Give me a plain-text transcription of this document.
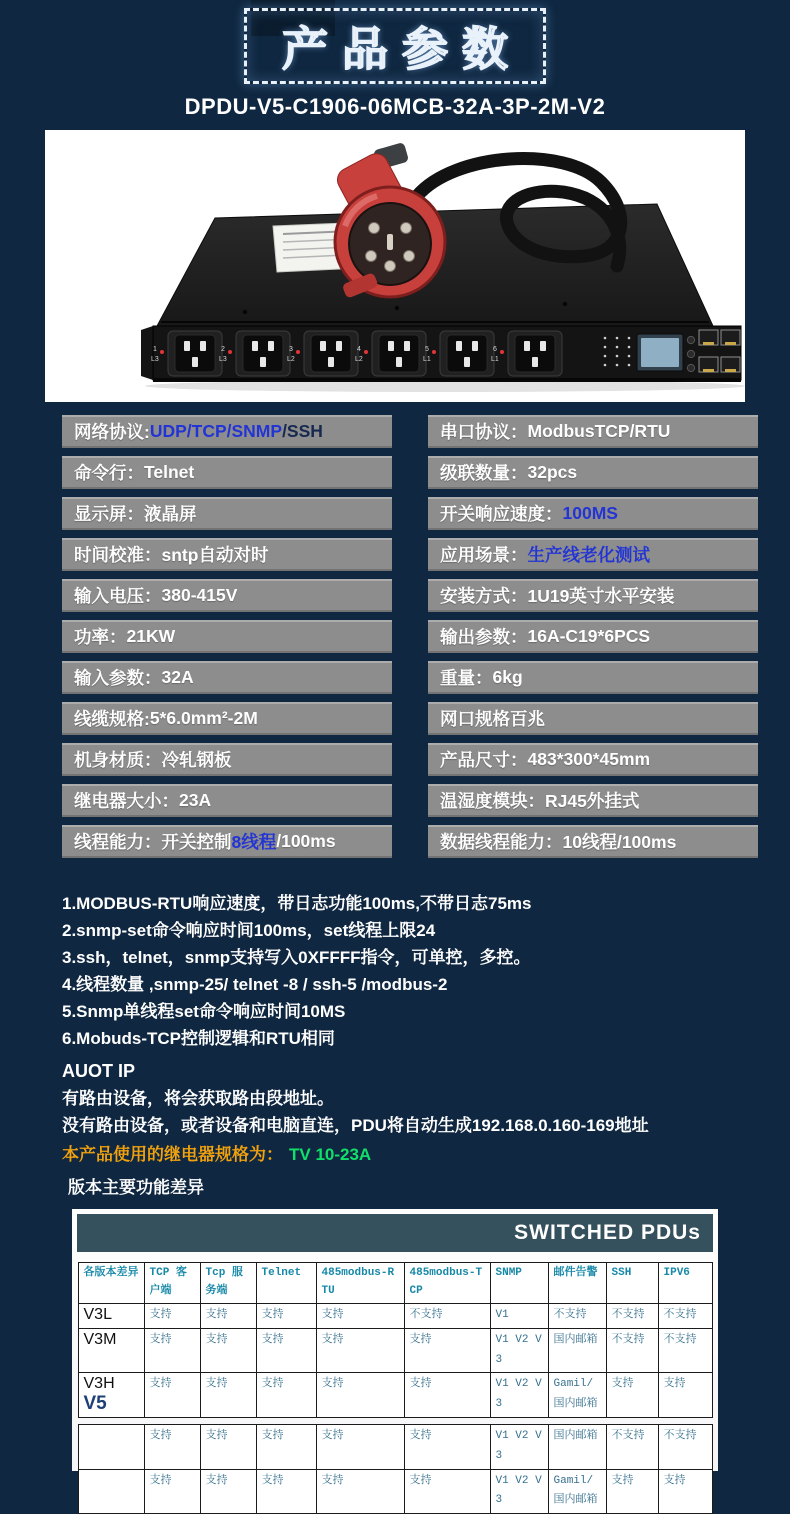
产品参数
DPDU-V5-C1906-06MCB-32A-3P-2M-V2
1
L3
2
L3
3
L2
4
L2
5
L1
6
L1
网络协议: UDP/TCP/SNMP /SSH
命令行： Telnet
显示屏： 液晶屏
时间校准： sntp自动对时
输入电压： 380-415V
功率： 21KW
输入参数： 32A
线缆规格: 5*6.0mm²-2M
机身材质： 冷轧钢板
继电器大小： 23A
线程能力： 开关控制 8线程 /100ms
串口协议： ModbusTCP/RTU
级联数量： 32pcs
开关响应速度： 100MS
应用场景： 生产线老化测试
安装方式： 1U19英寸水平安装
输出参数： 16A-C19*6PCS
重量： 6kg
网口规格百兆
产品尺寸： 483*300*45mm
温湿度模块： RJ45外挂式
数据线程能力： 10线程/100ms
1.MODBUS-RTU响应速度，带日志功能100ms,不带日志75ms
2.snmp-set命令响应时间100ms，set线程上限24
3.ssh，telnet，snmp支持写入0XFFFF指令，可单控，多控。
4.线程数量 ,snmp-25/ telnet -8 / ssh-5 /modbus-2
5.Snmp单线程set命令响应时间10MS
6.Mobuds-TCP控制逻辑和RTU相同
AUOT IP
有路由设备，将会获取路由段地址。
没有路由设备，或者设备和电脑直连，PDU将自动生成192.168.0.160-169地址
本产品使用的继电器规格为： TV 10-23A
版本主要功能差异
SWITCHED PDUs
各版本差异	TCP 客户端	Tcp 服务端	Telnet	485modbus-RTU	485modbus-TCP	SNMP	邮件告警	SSH	IPV6

V3L	支持	支持	支持	支持	不支持	V1	不支持	不支持	不支持

V3M	支持	支持	支持	支持	支持	V1 V2 V3	国内邮箱	不支持	不支持

V3H
V5	支持	支持	支持	支持	支持	V1 V2 V3	Gamil/国内邮箱	支持	支持
	支持	支持	支持	支持	支持	V1 V2 V3	国内邮箱	不支持	不支持
	支持	支持	支持	支持	支持	V1 V2 V3	Gamil/国内邮箱	支持	支持
